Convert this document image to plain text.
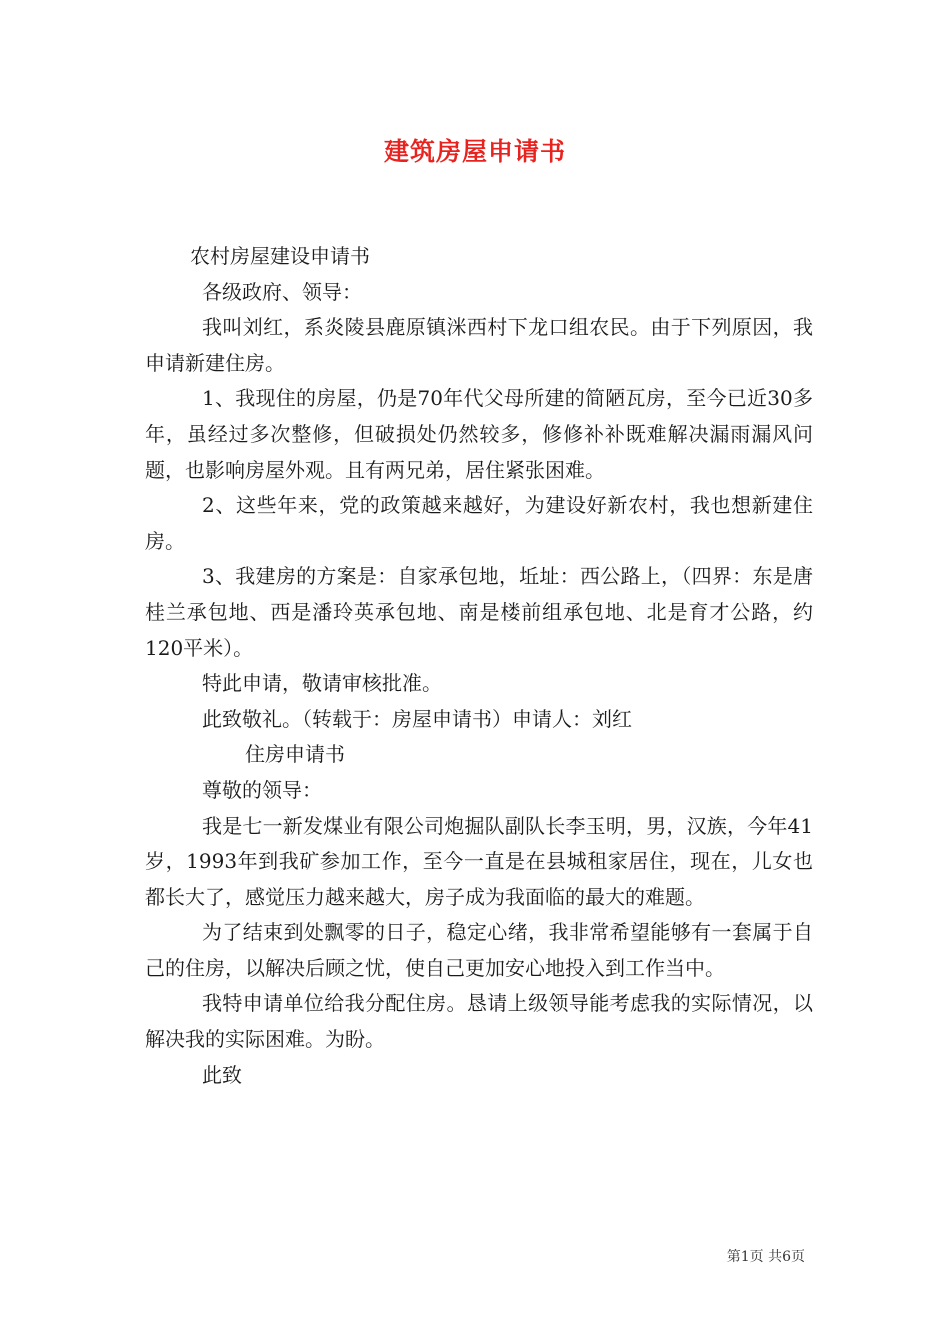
建筑房屋申请书

农村房屋建设申请书

各级政府、领导：

我叫刘红，系炎陵县鹿原镇洣西村下龙口组农民。由于下列原因，我申请新建住房。

1、我现住的房屋，仍是70年代父母所建的简陋瓦房，至今已近30多年，虽经过多次整修，但破损处仍然较多，修修补补既难解决漏雨漏风问题，也影响房屋外观。且有两兄弟，居住紧张困难。

2、这些年来，党的政策越来越好，为建设好新农村，我也想新建住房。

3、我建房的方案是：自家承包地，坵址：西公路上，（四界：东是唐桂兰承包地、西是潘玲英承包地、南是楼前组承包地、北是育才公路，约120平米）。

特此申请，敬请审核批准。

此致敬礼。（转载于：房屋申请书）申请人：刘红

住房申请书

尊敬的领导：

我是七一新发煤业有限公司炮掘队副队长李玉明，男，汉族，今年41岁，1993年到我矿参加工作，至今一直是在县城租家居住，现在，儿女也都长大了，感觉压力越来越大，房子成为我面临的最大的难题。

为了结束到处飘零的日子，稳定心绪，我非常希望能够有一套属于自己的住房，以解决后顾之忧，使自己更加安心地投入到工作当中。

我特申请单位给我分配住房。恳请上级领导能考虑我的实际情况，以解决我的实际困难。为盼。

此致

第1页 共6页
